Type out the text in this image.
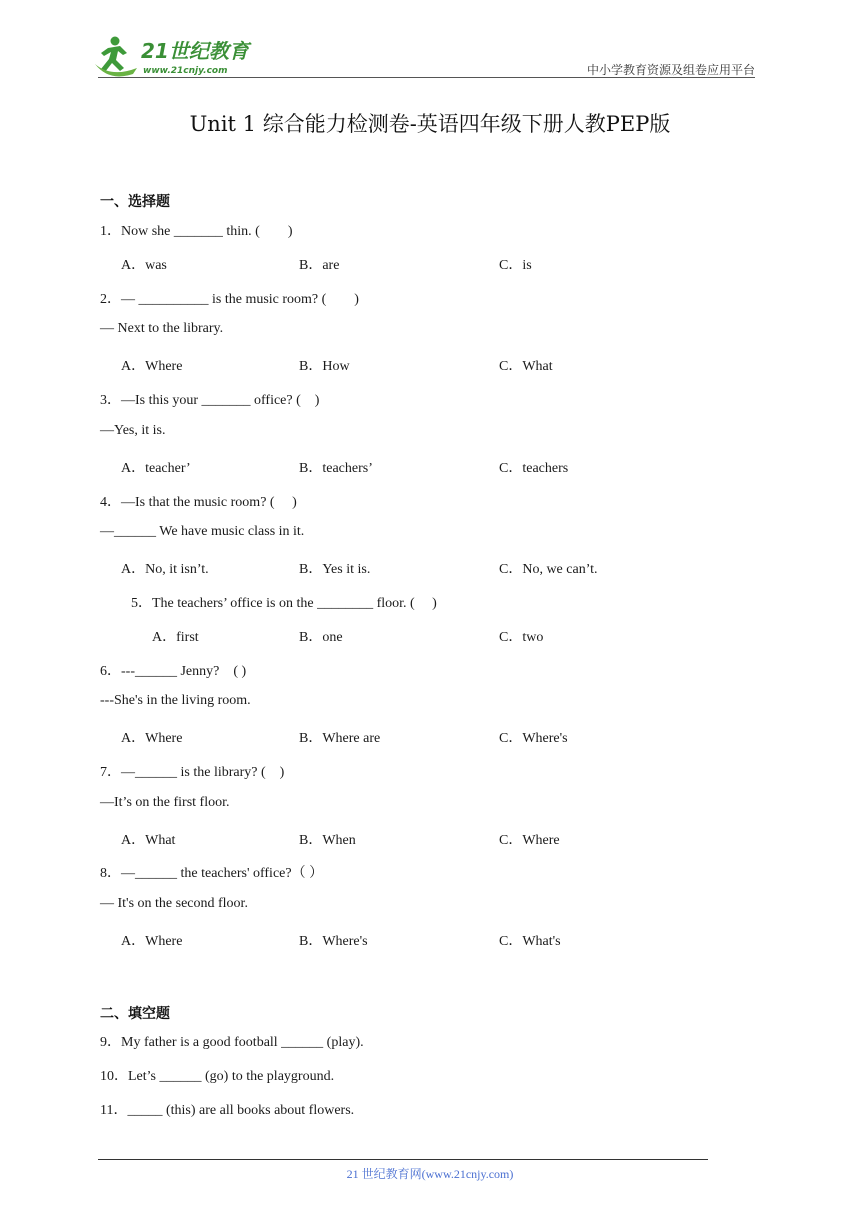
21世纪教育
www.21cnjy.com	中小学教育资源及组卷应用平台
Unit 1 综合能力检测卷-英语四年级下册人教PEP版
一、选择题
1．Now she _______ thin. (　　)
A．was	B．are	C．is
2．— __________ is the music room? (　　)
— Next to the library.
A．Where	B．How	C．What
3．—Is this your _______ office? (　)
—Yes, it is.
A．teacher’	B．teachers’	C．teachers
4．—Is that the music room? (　 )
—______ We have music class in it.
A．No, it isn’t.	B．Yes it is.	C．No, we can’t.
5．The teachers’ office is on the ________ floor. (　 )
A．first	B．one	C．two
6．---______ Jenny?　( )
---She's in the living room.
A．Where	B．Where are	C．Where's
7．—______ is the library? (　)
—It’s on the first floor.
A．What	B．When	C．Where
8．—______ the teachers' office?（ ）
— It's on the second floor.
A．Where	B．Where's	C．What's
二、填空题
9．My father is a good football ______ (play).
10．Let’s ______ (go) to the playground.
11．_____ (this) are all books about flowers.
21 世纪教育网(www.21cnjy.com)
